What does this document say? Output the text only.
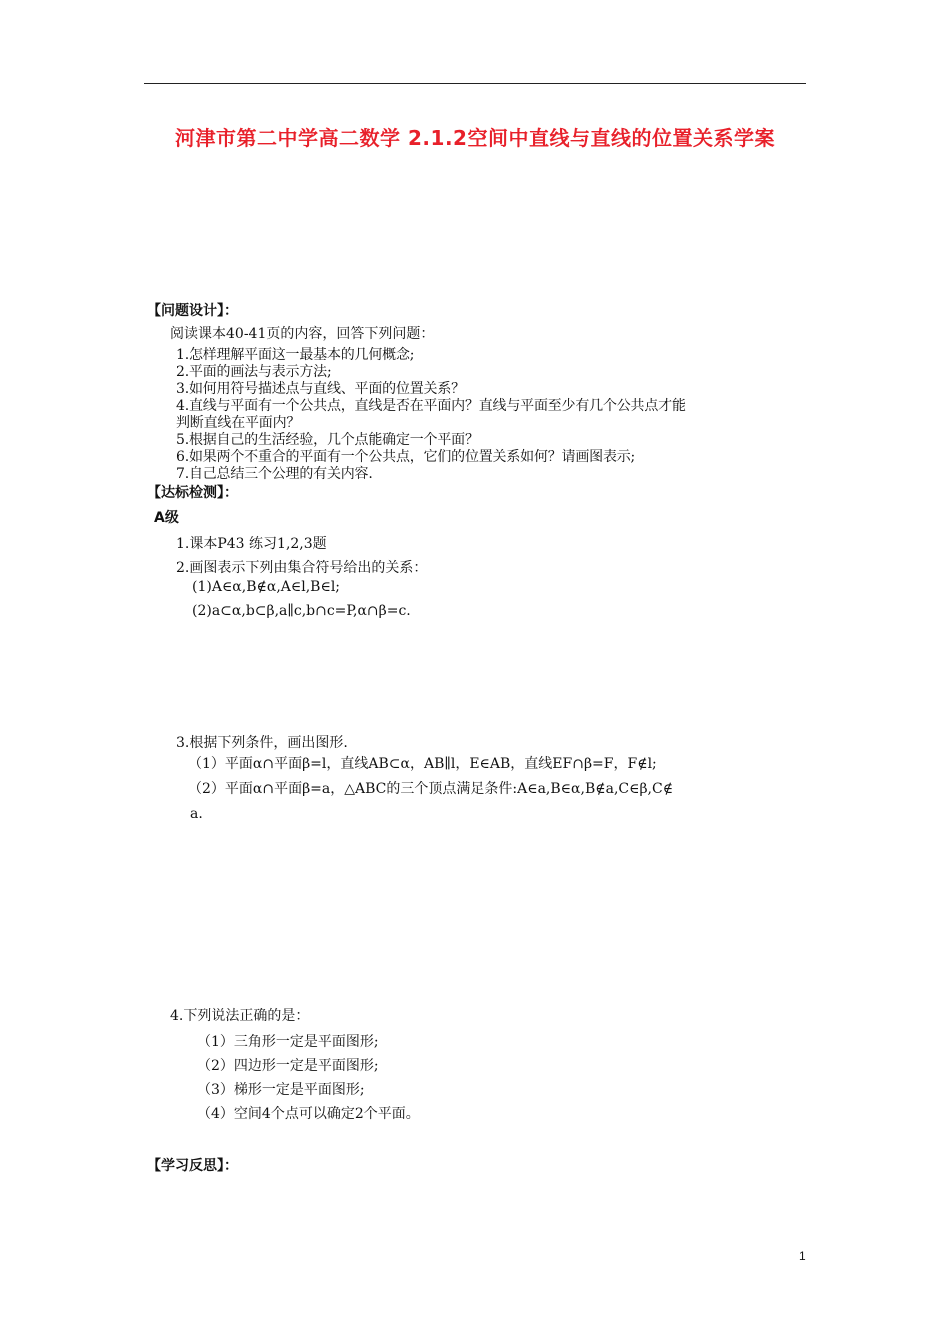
河津市第二中学高二数学 2.1.2空间中直线与直线的位置关系学案
【问题设计】：
阅读课本40-41页的内容，回答下列问题：
1.怎样理解平面这一最基本的几何概念;
2.平面的画法与表示方法;
3.如何用符号描述点与直线、平面的位置关系？
4.直线与平面有一个公共点，直线是否在平面内？直线与平面至少有几个公共点才能
判断直线在平面内？
5.根据自己的生活经验，几个点能确定一个平面？
6.如果两个不重合的平面有一个公共点，它们的位置关系如何？请画图表示;
7.自己总结三个公理的有关内容.
【达标检测】：
A级
1.课本P43 练习1,2,3题
2.画图表示下列由集合符号给出的关系：
(1)A∈α,B∉α,A∈l,B∈l;
(2)a⊂α,b⊂β,a∥c,b∩c=P,α∩β=c.
3.根据下列条件，画出图形.
（1）平面α∩平面β=l，直线AB⊂α，AB∥l，E∈AB，直线EF∩β=F，F∉l;
（2）平面α∩平面β=a，△ABC的三个顶点满足条件:A∈a,B∈α,B∉a,C∈β,C∉
a.
4.下列说法正确的是：
（1）三角形一定是平面图形;
（2）四边形一定是平面图形;
（3）梯形一定是平面图形;
（4）空间4个点可以确定2个平面。
【学习反思】：
1
